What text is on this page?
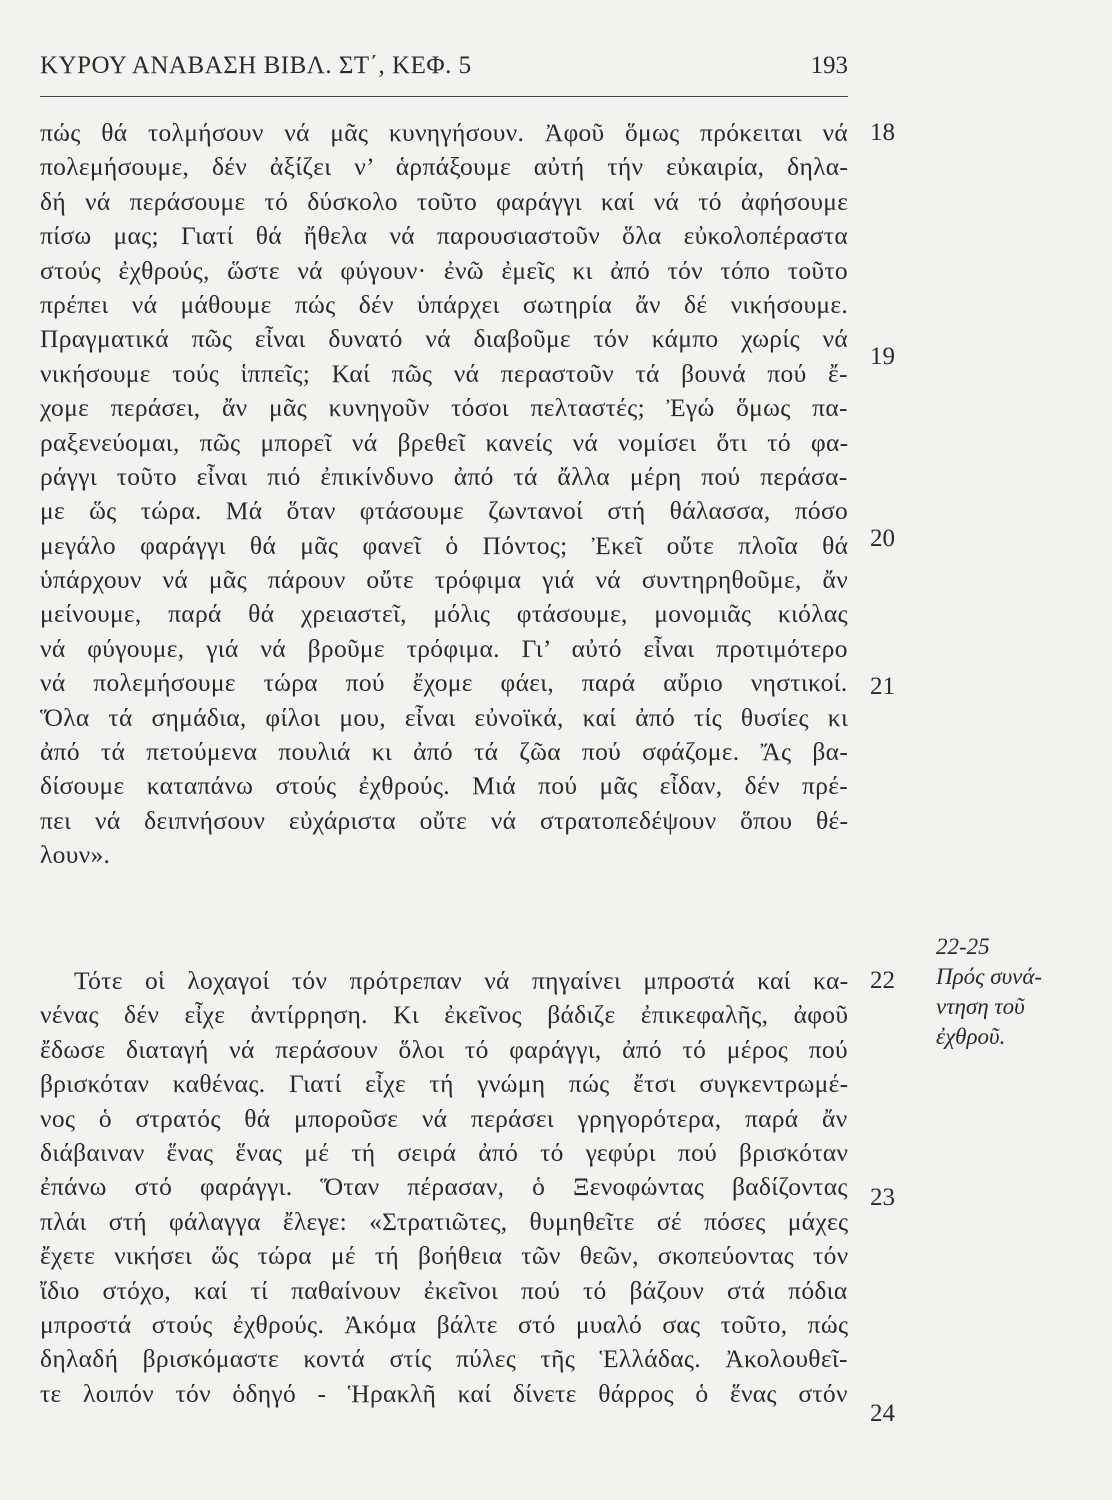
ΚΥΡΟΥ ΑΝΑΒΑΣΗ ΒΙΒΛ. ΣΤ΄, ΚΕΦ. 5	193
πώς θά τολμήσουν νά μᾶς κυνηγήσουν. Ἀφοῦ ὅμως πρόκειται νά
πολεμήσουμε, δέν ἀξίζει ν’ ἁρπάξουμε αὐτή τήν εὐκαιρία, δηλα-
δή νά περάσουμε τό δύσκολο τοῦτο φαράγγι καί νά τό ἀφήσουμε
πίσω μας; Γιατί θά ἤθελα νά παρουσιαστοῦν ὅλα εὐκολοπέραστα
στούς ἐχθρούς, ὥστε νά φύγουν· ἐνῶ ἐμεῖς κι ἀπό τόν τόπο τοῦτο
πρέπει νά μάθουμε πώς δέν ὑπάρχει σωτηρία ἄν δέ νικήσουμε.
Πραγματικά πῶς εἶναι δυνατό νά διαβοῦμε τόν κάμπο χωρίς νά
νικήσουμε τούς ἱππεῖς; Καί πῶς νά περαστοῦν τά βουνά πού ἔ-
χομε περάσει, ἄν μᾶς κυνηγοῦν τόσοι πελταστές; Ἐγώ ὅμως πα-
ραξενεύομαι, πῶς μπορεῖ νά βρεθεῖ κανείς νά νομίσει ὅτι τό φα-
ράγγι τοῦτο εἶναι πιό ἐπικίνδυνο ἀπό τά ἄλλα μέρη πού περάσα-
με ὥς τώρα. Μά ὅταν φτάσουμε ζωντανοί στή θάλασσα, πόσο
μεγάλο φαράγγι θά μᾶς φανεῖ ὁ Πόντος; Ἐκεῖ οὔτε πλοῖα θά
ὑπάρχουν νά μᾶς πάρουν οὔτε τρόφιμα γιά νά συντηρηθοῦμε, ἄν
μείνουμε, παρά θά χρειαστεῖ, μόλις φτάσουμε, μονομιᾶς κιόλας
νά φύγουμε, γιά νά βροῦμε τρόφιμα. Γι’ αὐτό εἶναι προτιμότερο
νά πολεμήσουμε τώρα πού ἔχομε φάει, παρά αὔριο νηστικοί.
Ὅλα τά σημάδια, φίλοι μου, εἶναι εὐνοϊκά, καί ἀπό τίς θυσίες κι
ἀπό τά πετούμενα πουλιά κι ἀπό τά ζῶα πού σφάζομε. Ἄς βα-
δίσουμε καταπάνω στούς ἐχθρούς. Μιά πού μᾶς εἶδαν, δέν πρέ-
πει νά δειπνήσουν εὐχάριστα οὔτε νά στρατοπεδέψουν ὅπου θέ-
λουν».
Τότε οἱ λοχαγοί τόν πρότρεπαν νά πηγαίνει μπροστά καί κα-
νένας δέν εἶχε ἀντίρρηση. Κι ἐκεῖνος βάδιζε ἐπικεφαλῆς, ἀφοῦ
ἔδωσε διαταγή νά περάσουν ὅλοι τό φαράγγι, ἀπό τό μέρος πού
βρισκόταν καθένας. Γιατί εἶχε τή γνώμη πώς ἔτσι συγκεντρωμέ-
νος ὁ στρατός θά μποροῦσε νά περάσει γρηγορότερα, παρά ἄν
διάβαιναν ἕνας ἕνας μέ τή σειρά ἀπό τό γεφύρι πού βρισκόταν
ἐπάνω στό φαράγγι. Ὅταν πέρασαν, ὁ Ξενοφώντας βαδίζοντας
πλάι στή φάλαγγα ἔλεγε: «Στρατιῶτες, θυμηθεῖτε σέ πόσες μάχες
ἔχετε νικήσει ὥς τώρα μέ τή βοήθεια τῶν θεῶν, σκοπεύοντας τόν
ἴδιο στόχο, καί τί παθαίνουν ἐκεῖνοι πού τό βάζουν στά πόδια
μπροστά στούς ἐχθρούς. Ἀκόμα βάλτε στό μυαλό σας τοῦτο, πώς
δηλαδή βρισκόμαστε κοντά στίς πύλες τῆς Ἑλλάδας. Ἀκολουθεῖ-
τε λοιπόν τόν ὁδηγό - Ἡρακλῆ καί δίνετε θάρρος ὁ ἕνας στόν
18
19
20
21
22
23
24
22-25
Πρός συνά-
ντηση τοῦ
ἐχθροῦ.
